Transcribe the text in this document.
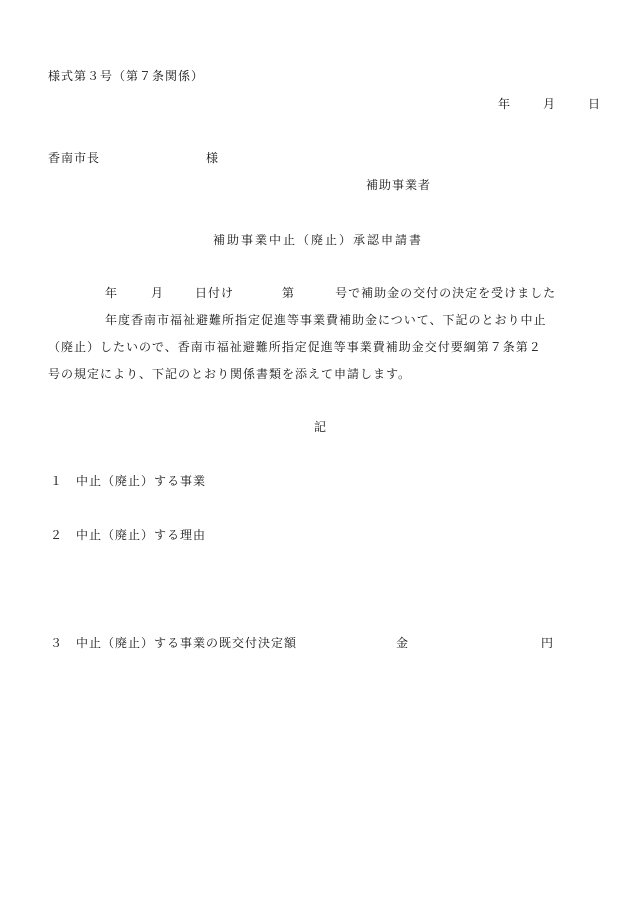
様式第３号（第７条関係）
年	月	日
香南市長	様
補助事業者
補助事業中止（廃止）承認申請書
年	月	日付け	第	号で補助金の交付の決定を受けました
年度香南市福祉避難所指定促進等事業費補助金について、下記のとおり中止
（廃止）したいので、香南市福祉避難所指定促進等事業費補助金交付要綱第７条第２
号の規定により、下記のとおり関係書類を添えて申請します。
記
１ 中止（廃止）する事業
２ 中止（廃止）する理由
３ 中止（廃止）する事業の既交付決定額	金	円
